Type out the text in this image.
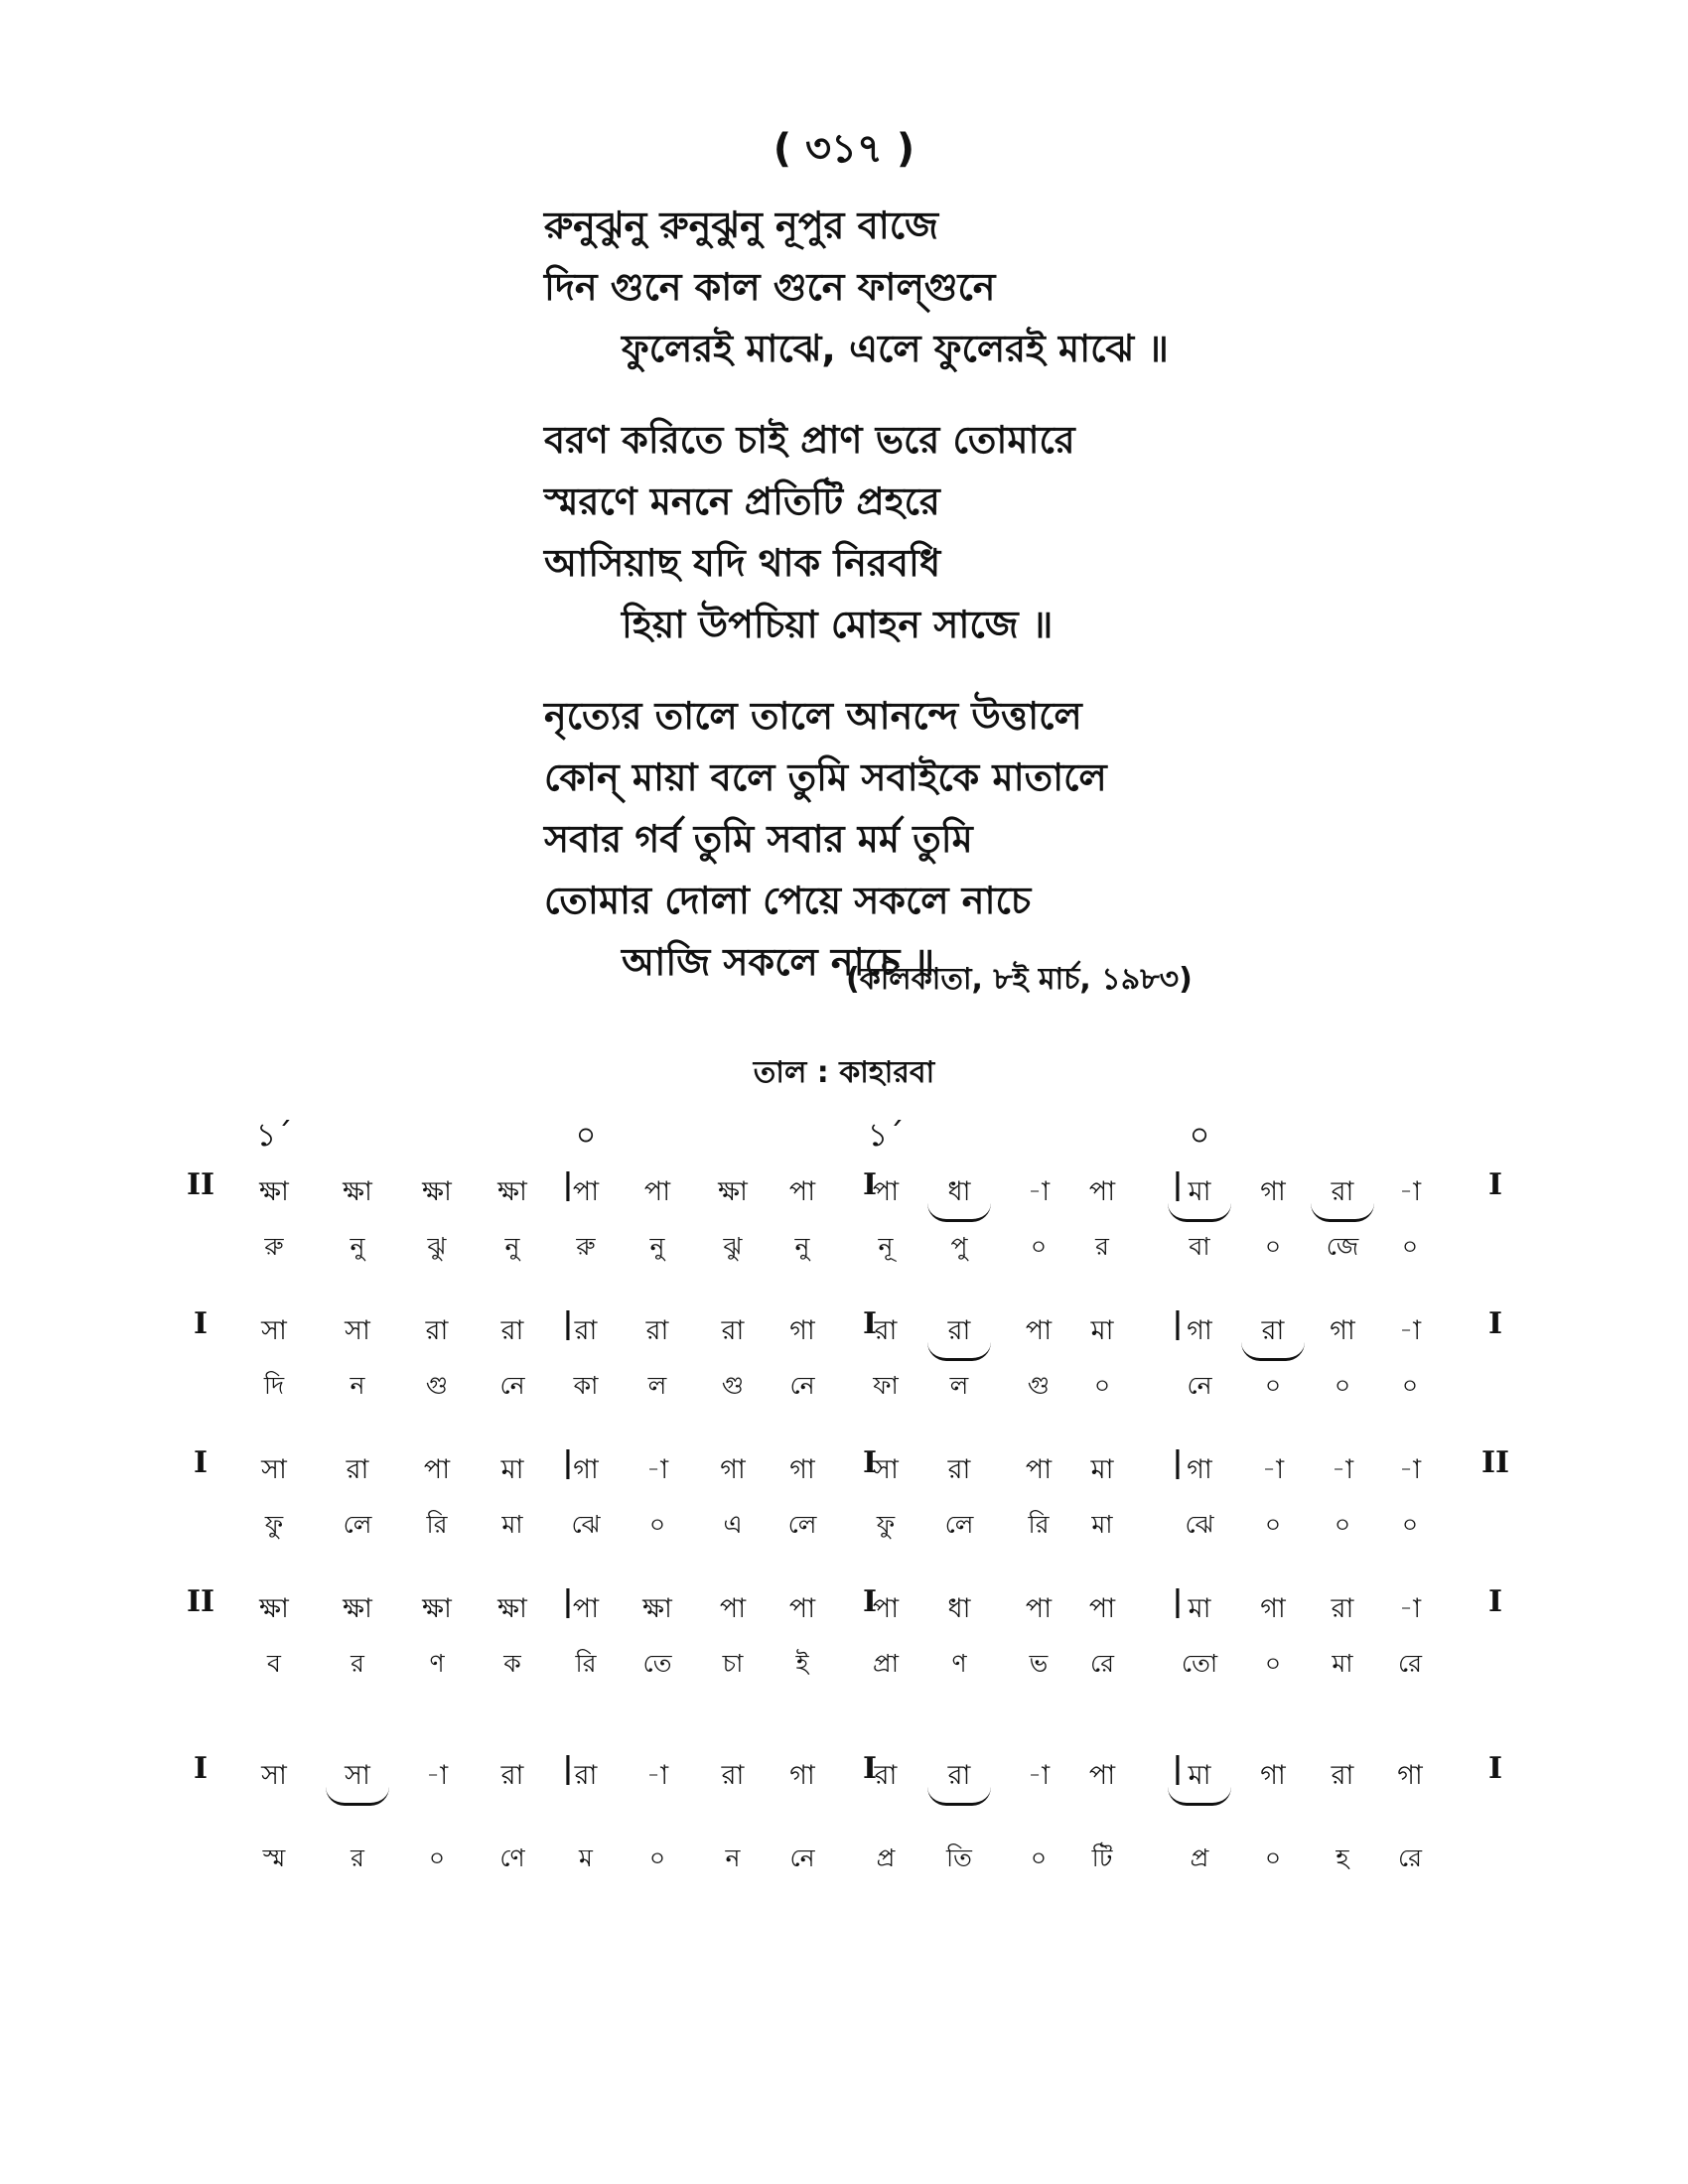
( ৩১৭ )
রুনুঝুনু রুনুঝুনু নূপুর বাজে
দিন গুনে কাল গুনে ফাল্গুনে
ফুলেরই মাঝে, এলে ফুলেরই মাঝে ॥
বরণ করিতে চাই প্রাণ ভরে তোমারে
স্মরণে মননে প্রতিটি প্রহরে
আসিয়াছ যদি থাক নিরবধি
হিয়া উপচিয়া মোহন সাজে ॥
নৃত্যের তালে তালে আনন্দে উত্তালে
কোন্ মায়া বলে তুমি সবাইকে মাতালে
সবার গর্ব তুমি সবার মর্ম তুমি
তোমার দোলা পেয়ে সকলে নাচে
আজি সকলে নাচে ॥
(কলিকাতা, ৮ই মার্চ, ১৯৮৩)
তাল : কাহারবা
১´	০	১´	০
II	|	I	|	I
ক্ষা	ক্ষা	ক্ষা	ক্ষা	পা	পা	ক্ষা	পা	পা	ধা	-া	পা	মা	গা	রা	-া
রু	নু	ঝু	নু	রু	নু	ঝু	নু	নূ	পু	০	র	বা	০	জে	০
I	|	I	|	I
সা	সা	রা	রা	রা	রা	রা	গা	রা	রা	পা	মা	গা	রা	গা	-া
দি	ন	গু	নে	কা	ল	গু	নে	ফা	ল	গু	০	নে	০	০	০
I	|	I	|	II
সা	রা	পা	মা	গা	-া	গা	গা	সা	রা	পা	মা	গা	-া	-া	-া
ফু	লে	রি	মা	ঝে	০	এ	লে	ফু	লে	রি	মা	ঝে	০	০	০
II	|	I	|	I
ক্ষা	ক্ষা	ক্ষা	ক্ষা	পা	ক্ষা	পা	পা	পা	ধা	পা	পা	মা	গা	রা	-া
ব	র	ণ	ক	রি	তে	চা	ই	প্রা	ণ	ভ	রে	তো	০	মা	রে
I	|	I	|	I
সা	সা	-া	রা	রা	-া	রা	গা	রা	রা	-া	পা	মা	গা	রা	গা
স্ম	র	০	ণে	ম	০	ন	নে	প্র	তি	০	টি	প্র	০	হ	রে
